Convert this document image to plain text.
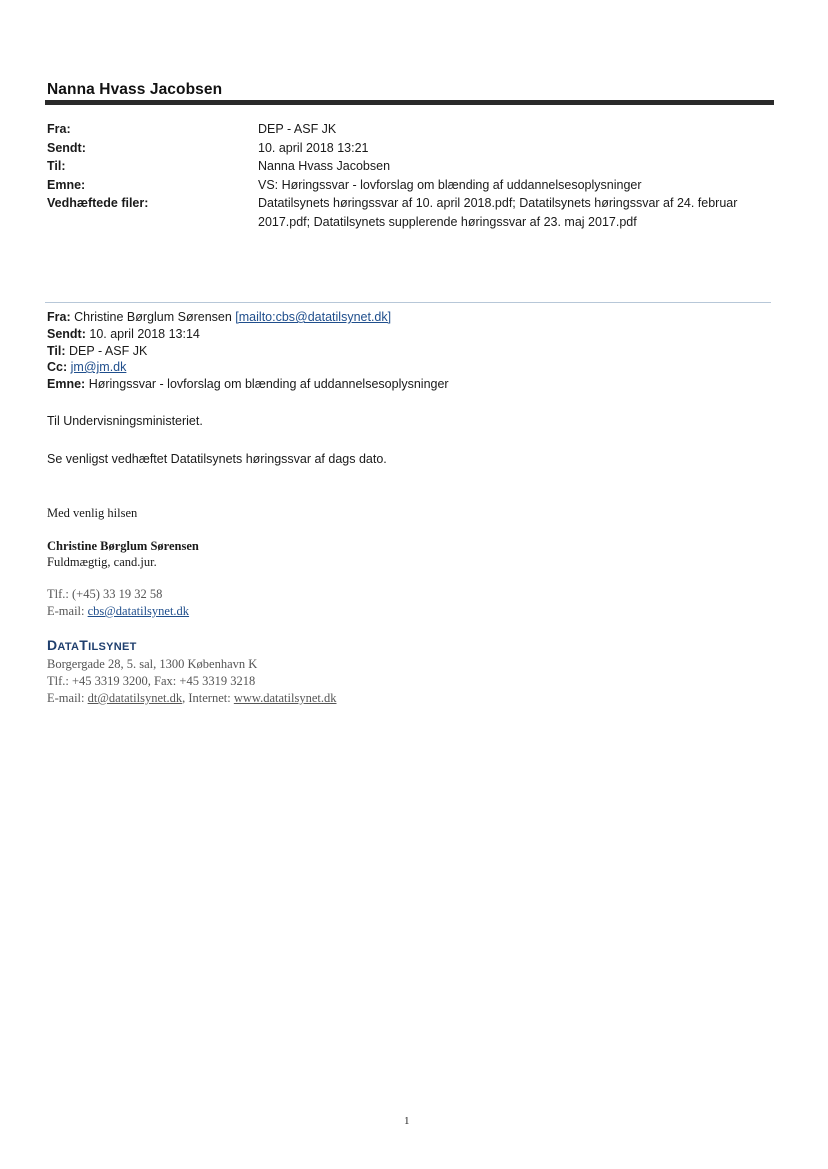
Nanna Hvass Jacobsen
Fra:	DEP - ASF JK
Sendt:	10. april 2018 13:21
Til:	Nanna Hvass Jacobsen
Emne:	VS: Høringssvar - lovforslag om blænding af uddannelsesoplysninger
Vedhæftede filer:	Datatilsynets høringssvar af 10. april 2018.pdf; Datatilsynets høringssvar af 24. februar 2017.pdf; Datatilsynets supplerende høringssvar af 23. maj 2017.pdf
Fra: Christine Børglum Sørensen [mailto:cbs@datatilsynet.dk]
Sendt: 10. april 2018 13:14
Til: DEP - ASF JK
Cc: jm@jm.dk
Emne: Høringssvar - lovforslag om blænding af uddannelsesoplysninger
Til Undervisningsministeriet.
Se venligst vedhæftet Datatilsynets høringssvar af dags dato.
Med venlig hilsen
Christine Børglum Sørensen
Fuldmægtig, cand.jur.
Tlf.: (+45) 33 19 32 58
E-mail: cbs@datatilsynet.dk
DATATILSYNET
Borgergade 28, 5. sal, 1300 København K
Tlf.: +45 3319 3200, Fax: +45 3319 3218
E-mail: dt@datatilsynet.dk, Internet: www.datatilsynet.dk
1
